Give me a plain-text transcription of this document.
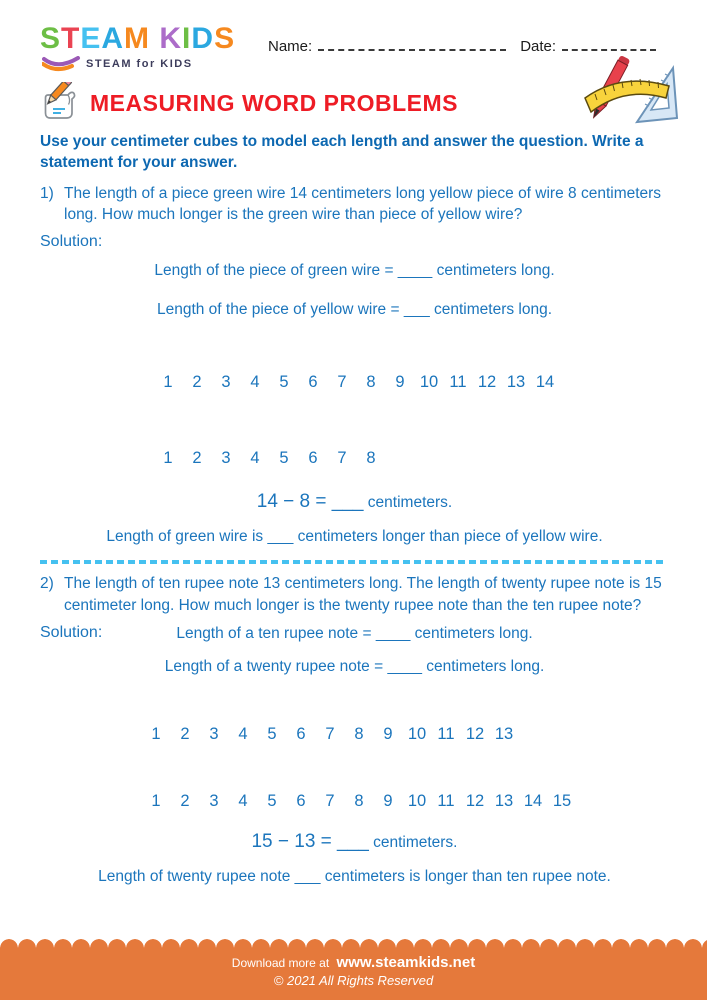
STEAM KIDS
STEAM for KIDS
Name:	Date:
MEASURING WORD PROBLEMS
Use your centimeter cubes to model each length and answer the question. Write a statement for your answer.
1) The length of a piece green wire 14 centimeters long yellow piece of wire 8 centimeters long. How much longer is the green wire than piece of yellow wire?
Solution:
Length of the piece of green wire = ____ centimeters long.
Length of the piece of yellow wire = ___ centimeters long.
1	2	3	4	5	6	7	8	9 10 11 12 13 14
1	2	3	4	5	6	7	8
14 − 8 = ___ centimeters.
Length of green wire is ___ centimeters longer than piece of yellow wire.
2) The length of ten rupee note 13 centimeters long. The length of twenty rupee note is 15 centimeter long. How much longer is the twenty rupee note than the ten rupee note?
Solution:	Length of a ten rupee note = ____ centimeters long.
Length of a twenty rupee note = ____ centimeters long.
1	2	3	4	5	6	7	8	9 10 11 12 13
1	2	3	4	5	6	7	8	9 10 11 12 13 14 15
15 − 13 = ___ centimeters.
Length of twenty rupee note ___ centimeters is longer than ten rupee note.
Download more at www.steamkids.net
© 2021 All Rights Reserved
